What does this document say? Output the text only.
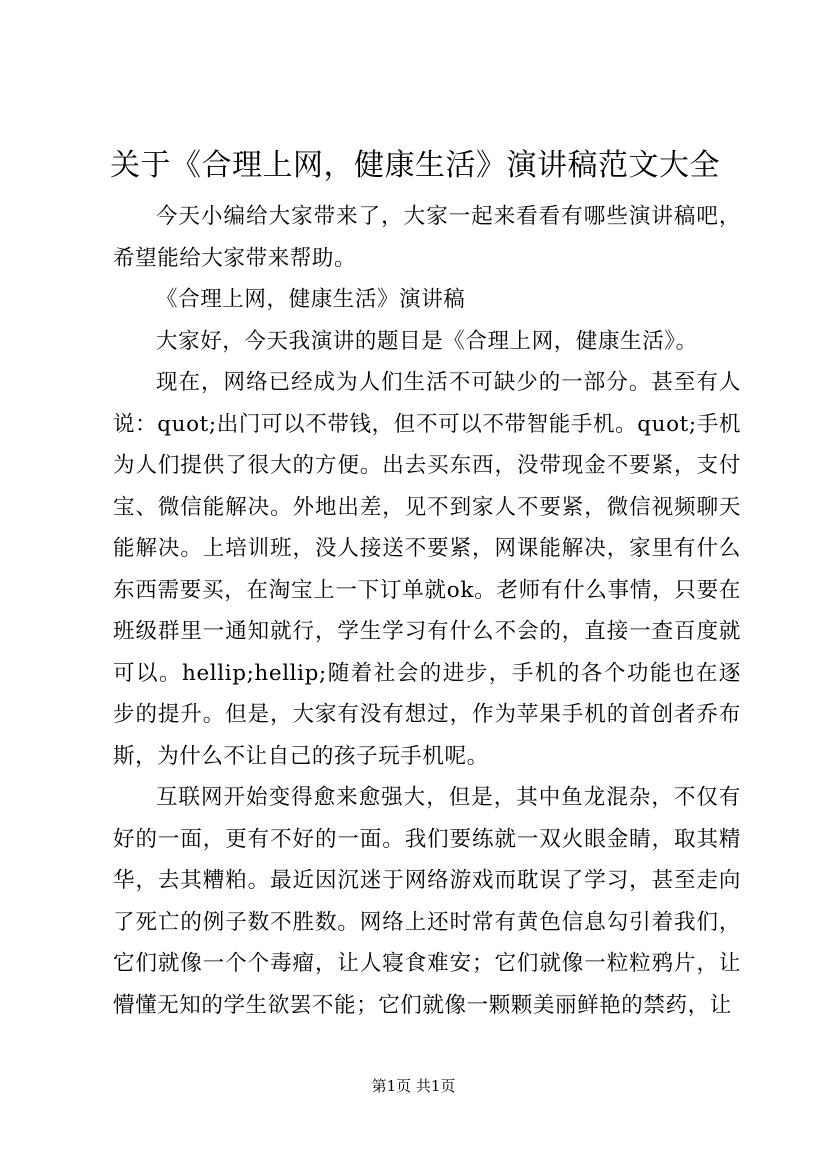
关于《合理上网，健康生活》演讲稿范文大全

今天小编给大家带来了，大家一起来看看有哪些演讲稿吧，希望能给大家带来帮助。

《合理上网，健康生活》演讲稿

大家好，今天我演讲的题目是《合理上网，健康生活》。

现在，网络已经成为人们生活不可缺少的一部分。甚至有人说：quot;出门可以不带钱，但不可以不带智能手机。quot;手机为人们提供了很大的方便。出去买东西，没带现金不要紧，支付宝、微信能解决。外地出差，见不到家人不要紧，微信视频聊天能解决。上培训班，没人接送不要紧，网课能解决，家里有什么东西需要买，在淘宝上一下订单就ok。老师有什么事情，只要在班级群里一通知就行，学生学习有什么不会的，直接一查百度就可以。hellip;hellip;随着社会的进步，手机的各个功能也在逐步的提升。但是，大家有没有想过，作为苹果手机的首创者乔布斯，为什么不让自己的孩子玩手机呢。

互联网开始变得愈来愈强大，但是，其中鱼龙混杂，不仅有好的一面，更有不好的一面。我们要练就一双火眼金睛，取其精华，去其糟粕。最近因沉迷于网络游戏而耽误了学习，甚至走向了死亡的例子数不胜数。网络上还时常有黄色信息勾引着我们，它们就像一个个毒瘤，让人寝食难安；它们就像一粒粒鸦片，让懵懂无知的学生欲罢不能；它们就像一颗颗美丽鲜艳的禁药，让

第1页 共1页
